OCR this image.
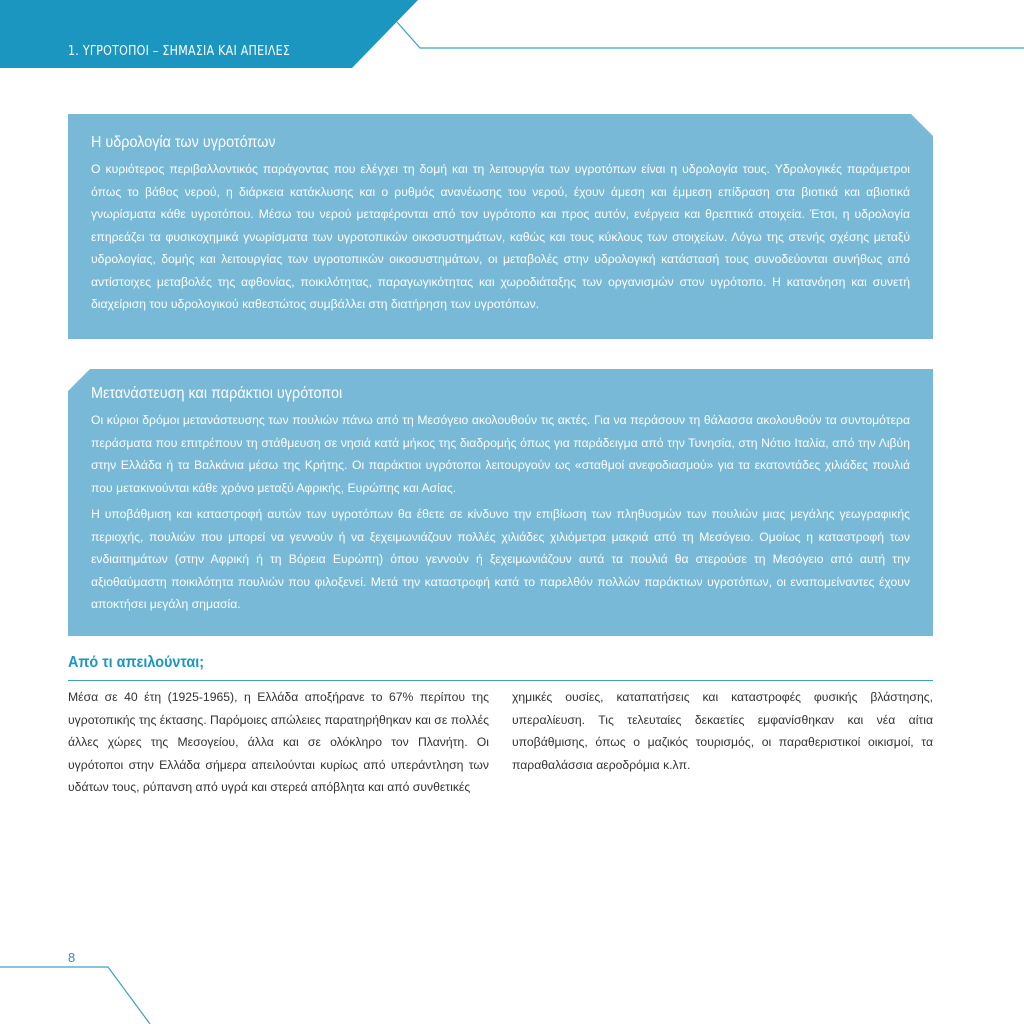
1. ΥΓΡΟΤΟΠΟΙ – ΣΗΜΑΣΙΑ ΚΑΙ ΑΠΕΙΛΕΣ
Η υδρολογία των υγροτόπων

Ο κυριότερος περιβαλλοντικός παράγοντας που ελέγχει τη δομή και τη λειτουργία των υγροτόπων είναι η υδρολογία τους. Υδρολογικές παράμετροι όπως το βάθος νερού, η διάρκεια κατάκλυσης και ο ρυθμός ανανέωσης του νερού, έχουν άμεση και έμμεση επίδραση στα βιοτικά και αβιοτικά γνωρίσματα κάθε υγροτόπου. Μέσω του νερού μεταφέρονται από τον υγρότοπο και προς αυτόν, ενέργεια και θρεπτικά στοιχεία. Έτσι, η υδρολογία επηρεάζει τα φυσικοχημικά γνωρίσματα των υγροτοπικών οικοσυστημάτων, καθώς και τους κύκλους των στοιχείων. Λόγω της στενής σχέσης μεταξύ υδρολογίας, δομής και λειτουργίας των υγροτοπικών οικοσυστημάτων, οι μεταβολές στην υδρολογική κατάστασή τους συνοδεύονται συνήθως από αντίστοιχες μεταβολές της αφθονίας, ποικιλότητας, παραγωγικότητας και χωροδιάταξης των οργανισμών στον υγρότοπο. Η κατανόηση και συνετή διαχείριση του υδρολογικού καθεστώτος συμβάλλει στη διατήρηση των υγροτόπων.

Μετανάστευση και παράκτιοι υγρότοποι

Οι κύριοι δρόμοι μετανάστευσης των πουλιών πάνω από τη Μεσόγειο ακολουθούν τις ακτές. Για να περάσουν τη θάλασσα ακολουθούν τα συντομότερα περάσματα που επιτρέπουν τη στάθμευση σε νησιά κατά μήκος της διαδρομής όπως για παράδειγμα από την Τυνησία, στη Νότιο Ιταλία, από την Λιβύη στην Ελλάδα ή τα Βαλκάνια μέσω της Κρήτης. Οι παράκτιοι υγρότοποι λειτουργούν ως «σταθμοί ανεφοδιασμού» για τα εκατοντάδες χιλιάδες πουλιά που μετακινούνται κάθε χρόνο μεταξύ Αφρικής, Ευρώπης και Ασίας.

Η υποβάθμιση και καταστροφή αυτών των υγροτόπων θα έθετε σε κίνδυνο την επιβίωση των πληθυσμών των πουλιών μιας μεγάλης γεωγραφικής περιοχής, πουλιών που μπορεί να γεννούν ή να ξεχειμωνιάζουν πολλές χιλιάδες χιλιόμετρα μακριά από τη Μεσόγειο. Ομοίως η καταστροφή των ενδιαιτημάτων (στην Αφρική ή τη Βόρεια Ευρώπη) όπου γεννούν ή ξεχειμωνιάζουν αυτά τα πουλιά θα στερούσε τη Μεσόγειο από αυτή την αξιοθαύμαστη ποικιλότητα πουλιών που φιλοξενεί. Μετά την καταστροφή κατά το παρελθόν πολλών παράκτιων υγροτόπων, οι εναπομείναντες έχουν αποκτήσει μεγάλη σημασία.

Από τι απειλούνται;
Μέσα σε 40 έτη (1925-1965), η Ελλάδα αποξήρανε το 67% περίπου της υγροτοπικής της έκτασης. Παρόμοιες απώλειες παρατηρήθηκαν και σε πολλές άλλες χώρες της Μεσογείου, άλλα και σε ολόκληρο τον Πλανήτη. Οι υγρότοποι στην Ελλάδα σήμερα απειλούνται κυρίως από υπεράντληση των υδάτων τους, ρύπανση από υγρά και στερεά απόβλητα και από συνθετικές
χημικές ουσίες, καταπατήσεις και καταστροφές φυσικής βλάστησης, υπεραλίευση. Τις τελευταίες δεκαετίες εμφανίσθηκαν και νέα αίτια υποβάθμισης, όπως ο μαζικός τουρισμός, οι παραθεριστικοί οικισμοί, τα παραθαλάσσια αεροδρόμια κ.λπ.
8
